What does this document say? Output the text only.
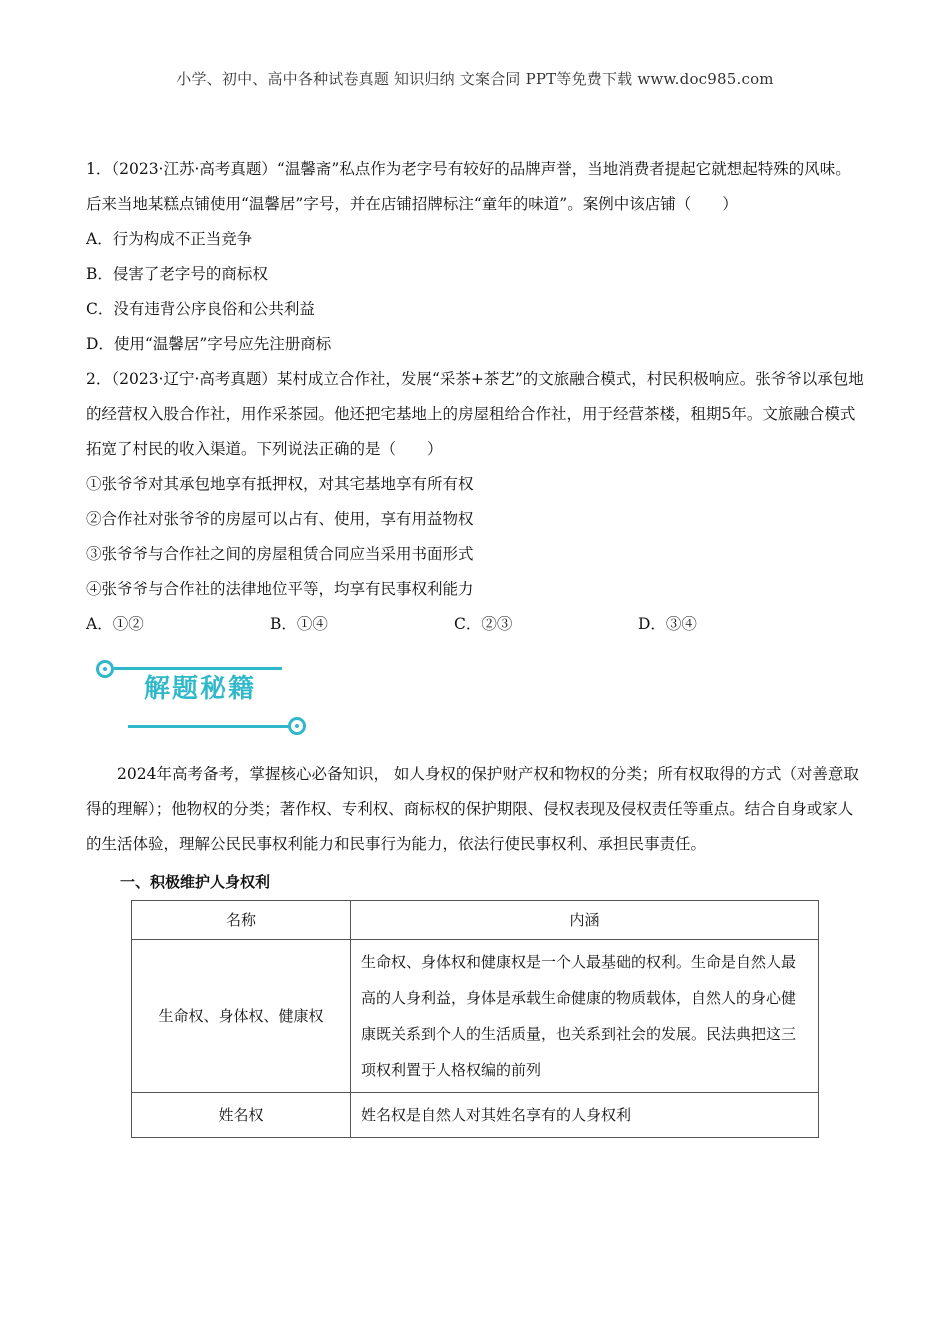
小学、初中、高中各种试卷真题 知识归纳 文案合同 PPT等免费下载 www.doc985.com

1．（2023·江苏·高考真题）“温馨斋”私点作为老字号有较好的品牌声誉，当地消费者提起它就想起特殊的风味。后来当地某糕点铺使用“温馨居”字号，并在店铺招牌标注“童年的味道”。案例中该店铺（　　）

A．行为构成不正当竞争

B．侵害了老字号的商标权

C．没有违背公序良俗和公共利益

D．使用“温馨居”字号应先注册商标

2．（2023·辽宁·高考真题）某村成立合作社，发展“采茶+茶艺”的文旅融合模式，村民积极响应。张爷爷以承包地的经营权入股合作社，用作采茶园。他还把宅基地上的房屋租给合作社，用于经营茶楼，租期5年。文旅融合模式拓宽了村民的收入渠道。下列说法正确的是（　　）

①张爷爷对其承包地享有抵押权，对其宅基地享有所有权

②合作社对张爷爷的房屋可以占有、使用，享有用益物权

③张爷爷与合作社之间的房屋租赁合同应当采用书面形式

④张爷爷与合作社的法律地位平等，均享有民事权利能力

A．①②	B．①④	C．②③	D．③④
解题秘籍

2024年高考备考，掌握核心必备知识， 如人身权的保护财产权和物权的分类；所有权取得的方式（对善意取得的理解）；他物权的分类；著作权、专利权、商标权的保护期限、侵权表现及侵权责任等重点。结合自身或家人的生活体验，理解公民民事权利能力和民事行为能力，依法行使民事权利、承担民事责任。

一、积极维护人身权利
名称	内涵
生命权、身体权、健康权	生命权、身体权和健康权是一个人最基础的权利。生命是自然人最高的人身利益，身体是承载生命健康的物质载体，自然人的身心健康既关系到个人的生活质量，也关系到社会的发展。民法典把这三项权利置于人格权编的前列
姓名权	姓名权是自然人对其姓名享有的人身权利
